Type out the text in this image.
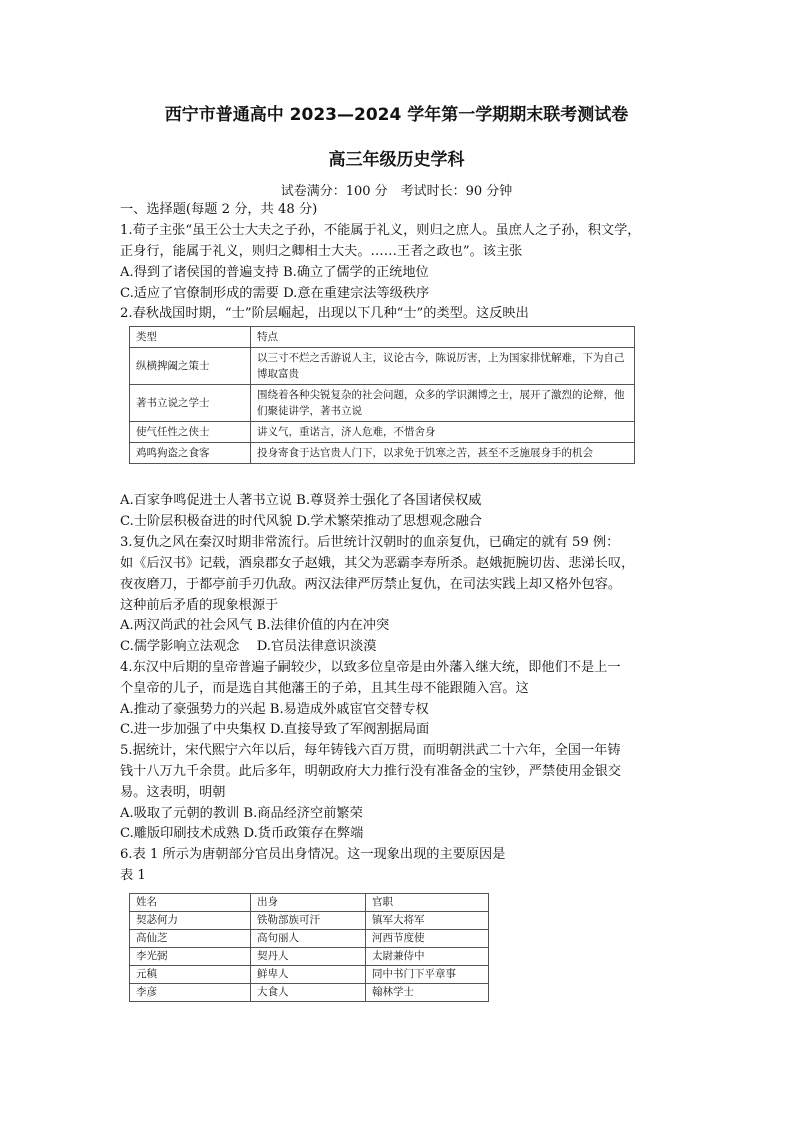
西宁市普通高中 2023—2024 学年第一学期期末联考测试卷
高三年级历史学科
试卷满分：100 分　考试时长：90 分钟
一、选择题(每题 2 分，共 48 分)
1.荀子主张“虽王公士大夫之子孙，不能属于礼义，则归之庶人。虽庶人之子孙，积文学，
正身行，能属于礼义，则归之卿相士大夫。……王者之政也”。该主张
A.得到了诸侯国的普遍支持 B.确立了儒学的正统地位
C.适应了官僚制形成的需要 D.意在重建宗法等级秩序
2.春秋战国时期，“士”阶层崛起，出现以下几种“士”的类型。这反映出
类型	特点
纵横捭阖之策士	以三寸不烂之舌游说人主，议论古今，陈说厉害，上为国家排忧解难，下为自己博取富贵
著书立说之学士	围绕着各种尖锐复杂的社会问题，众多的学识渊博之士，展开了激烈的论辩，他们聚徒讲学，著书立说
使气任性之侠士	讲义气，重诺言，济人危难，不惜舍身
鸡鸣狗盗之食客	投身寄食于达官贵人门下，以求免于饥寒之苦，甚至不乏施展身手的机会
A.百家争鸣促进士人著书立说 B.尊贤养士强化了各国诸侯权威
C.士阶层积极奋进的时代风貌 D.学术繁荣推动了思想观念融合
3.复仇之风在秦汉时期非常流行。后世统计汉朝时的血亲复仇，已确定的就有 59 例：
如《后汉书》记载，酒泉郡女子赵娥，其父为恶霸李寿所杀。赵娥扼腕切齿、悲涕长叹，
夜夜磨刀，于都亭前手刃仇敌。两汉法律严厉禁止复仇，在司法实践上却又格外包容。
这种前后矛盾的现象根源于
A.两汉尚武的社会风气 B.法律价值的内在冲突
C.儒学影响立法观念　 D.官员法律意识淡漠
4.东汉中后期的皇帝普遍子嗣较少，以致多位皇帝是由外藩入继大统，即他们不是上一
个皇帝的儿子，而是选自其他藩王的子弟，且其生母不能跟随入宫。这
A.推动了豪强势力的兴起 B.易造成外戚宦官交替专权
C.进一步加强了中央集权 D.直接导致了军阀割据局面
5.据统计，宋代熙宁六年以后，每年铸钱六百万贯，而明朝洪武二十六年，全国一年铸
钱十八万九千余贯。此后多年，明朝政府大力推行没有准备金的宝钞，严禁使用金银交
易。这表明，明朝
A.吸取了元朝的教训 B.商品经济空前繁荣
C.雕版印刷技术成熟 D.货币政策存在弊端
6.表 1 所示为唐朝部分官员出身情况。这一现象出现的主要原因是
表 1
姓名	出身	官职
契苾何力	铁勒部族可汗	镇军大将军
高仙芝	高句丽人	河西节度使
李光弼	契丹人	太尉兼侍中
元稹	鲜卑人	同中书门下平章事
李彦	大食人	翰林学士
